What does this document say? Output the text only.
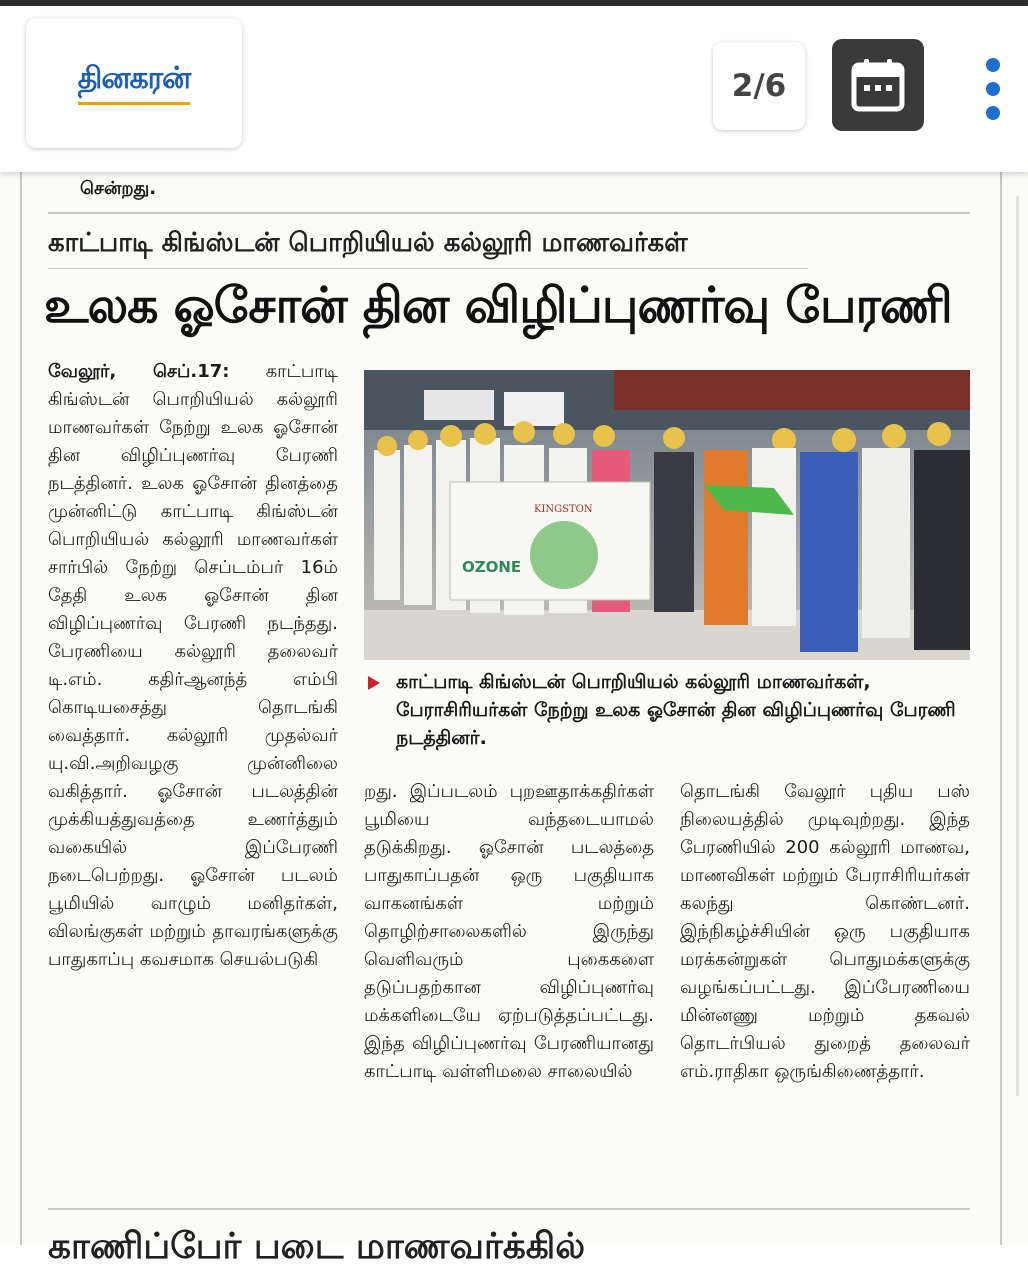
தினகரன்	2/6
சென்றது.
காட்பாடி கிங்ஸ்டன் பொறியியல் கல்லூரி மாணவர்கள்
உலக ஓசோன் தின விழிப்புணர்வு பேரணி
வேலூர், செப்.17: காட்பாடி கிங்ஸ்டன் பொறியியல் கல்லூரி மாணவர்கள் நேற்று உலக ஓசோன் தின விழிப்புணர்வு பேரணி நடத்தினர். உலக ஓசோன் தினத்தை முன்னிட்டு காட்பாடி கிங்ஸ்டன் பொறியியல் கல்லூரி மாணவர்கள் சார்பில் நேற்று செப்டம்பர் 16ம் தேதி உலக ஓசோன் தின விழிப்புணர்வு பேரணி நடந்தது. பேரணியை கல்லூரி தலைவர் டி.எம். கதிர்ஆனந்த் எம்பி கொடியசைத்து தொடங்கி வைத்தார். கல்லூரி முதல்வர் யு.வி.அறிவழகு முன்னிலை வகித்தார். ஓசோன் படலத்தின் முக்கியத்துவத்தை உணர்த்தும் வகையில் இப்பேரணி நடைபெற்றது. ஓசோன் படலம் பூமியில் வாழும் மனிதர்கள், விலங்குகள் மற்றும் தாவரங்களுக்கு பாதுகாப்பு கவசமாக செயல்படுகி
KINGSTON
OZONE
காட்பாடி கிங்ஸ்டன் பொறியியல் கல்லூரி மாணவர்கள், பேராசிரியர்கள் நேற்று உலக ஓசோன் தின விழிப்புணர்வு பேரணி நடத்தினர்.
றது. இப்படலம் புறஊதாக்கதிர்கள் பூமியை வந்தடையாமல் தடுக்கிறது. ஓசோன் படலத்தை பாதுகாப்பதன் ஒரு பகுதியாக வாகனங்கள் மற்றும் தொழிற்சாலைகளில் இருந்து வெளிவரும் புகைகளை தடுப்பதற்கான விழிப்புணர்வு மக்களிடையே ஏற்படுத்தப்பட்டது. இந்த விழிப்புணர்வு பேரணியானது காட்பாடி வள்ளிமலை சாலையில்
தொடங்கி வேலூர் புதிய பஸ் நிலையத்தில் முடிவுற்றது. இந்த பேரணியில் 200 கல்லூரி மாணவ, மாணவிகள் மற்றும் பேராசிரியர்கள் கலந்து கொண்டனர். இந்நிகழ்ச்சியின் ஒரு பகுதியாக மரக்கன்றுகள் பொதுமக்களுக்கு வழங்கப்பட்டது. இப்பேரணியை மின்னணு மற்றும் தகவல் தொடர்பியல் துறைத் தலைவர் எம்.ராதிகா ஒருங்கிணைத்தார்.
காணிப்பேர் படை மாணவர்க்கில்
